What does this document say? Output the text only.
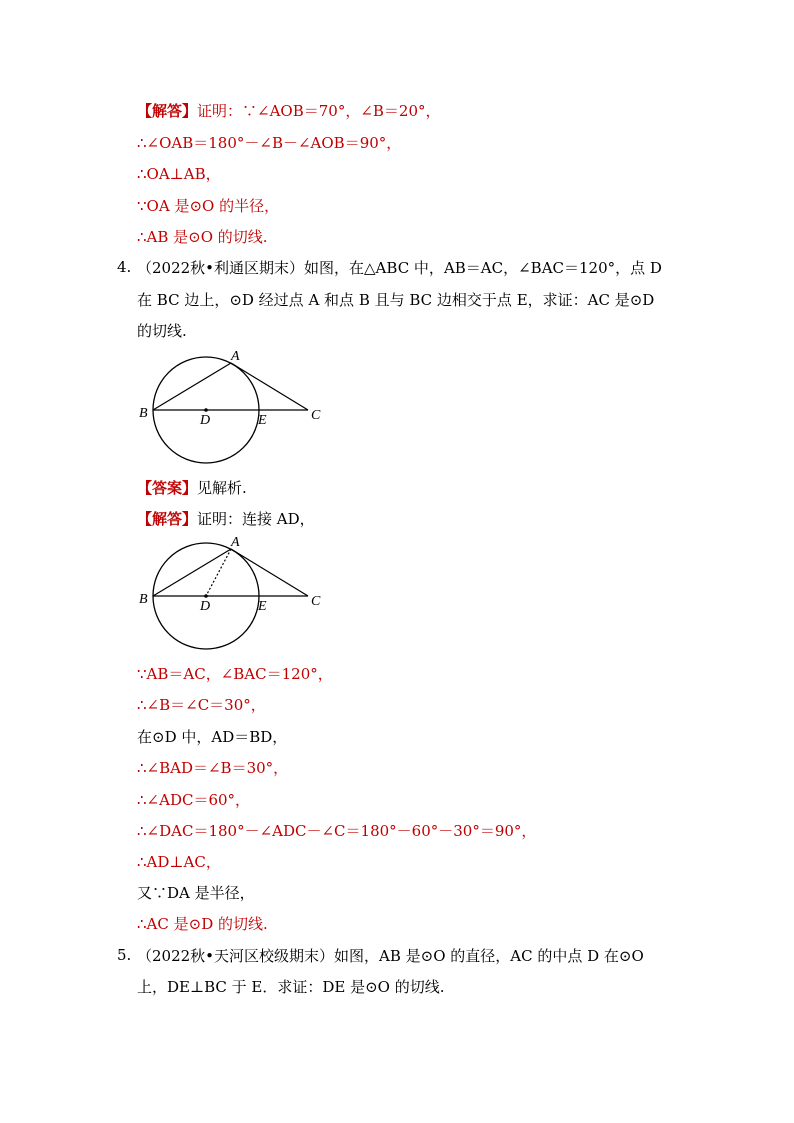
【解答】证明：∵∠AOB＝70°，∠B＝20°，
∴∠OAB＝180°－∠B－∠AOB＝90°，
∴OA⊥AB，
∵OA 是⊙O 的半径，
∴AB 是⊙O 的切线.
4. （2022秋•利通区期末）如图，在△ABC 中，AB＝AC，∠BAC＝120°，点 D
在 BC 边上，⊙D 经过点 A 和点 B 且与 BC 边相交于点 E，求证：AC 是⊙D
的切线.
A
B	C
D	E
【答案】见解析.
【解答】证明：连接 AD，
A
B	C
D	E
∵AB＝AC，∠BAC＝120°，
∴∠B＝∠C＝30°，
在⊙D 中，AD＝BD，
∴∠BAD＝∠B＝30°，
∴∠ADC＝60°，
∴∠DAC＝180°－∠ADC－∠C＝180°－60°－30°＝90°，
∴AD⊥AC，
又∵DA 是半径，
∴AC 是⊙D 的切线.
5. （2022秋•天河区校级期末）如图，AB 是⊙O 的直径，AC 的中点 D 在⊙O
上，DE⊥BC 于 E．求证：DE 是⊙O 的切线.
